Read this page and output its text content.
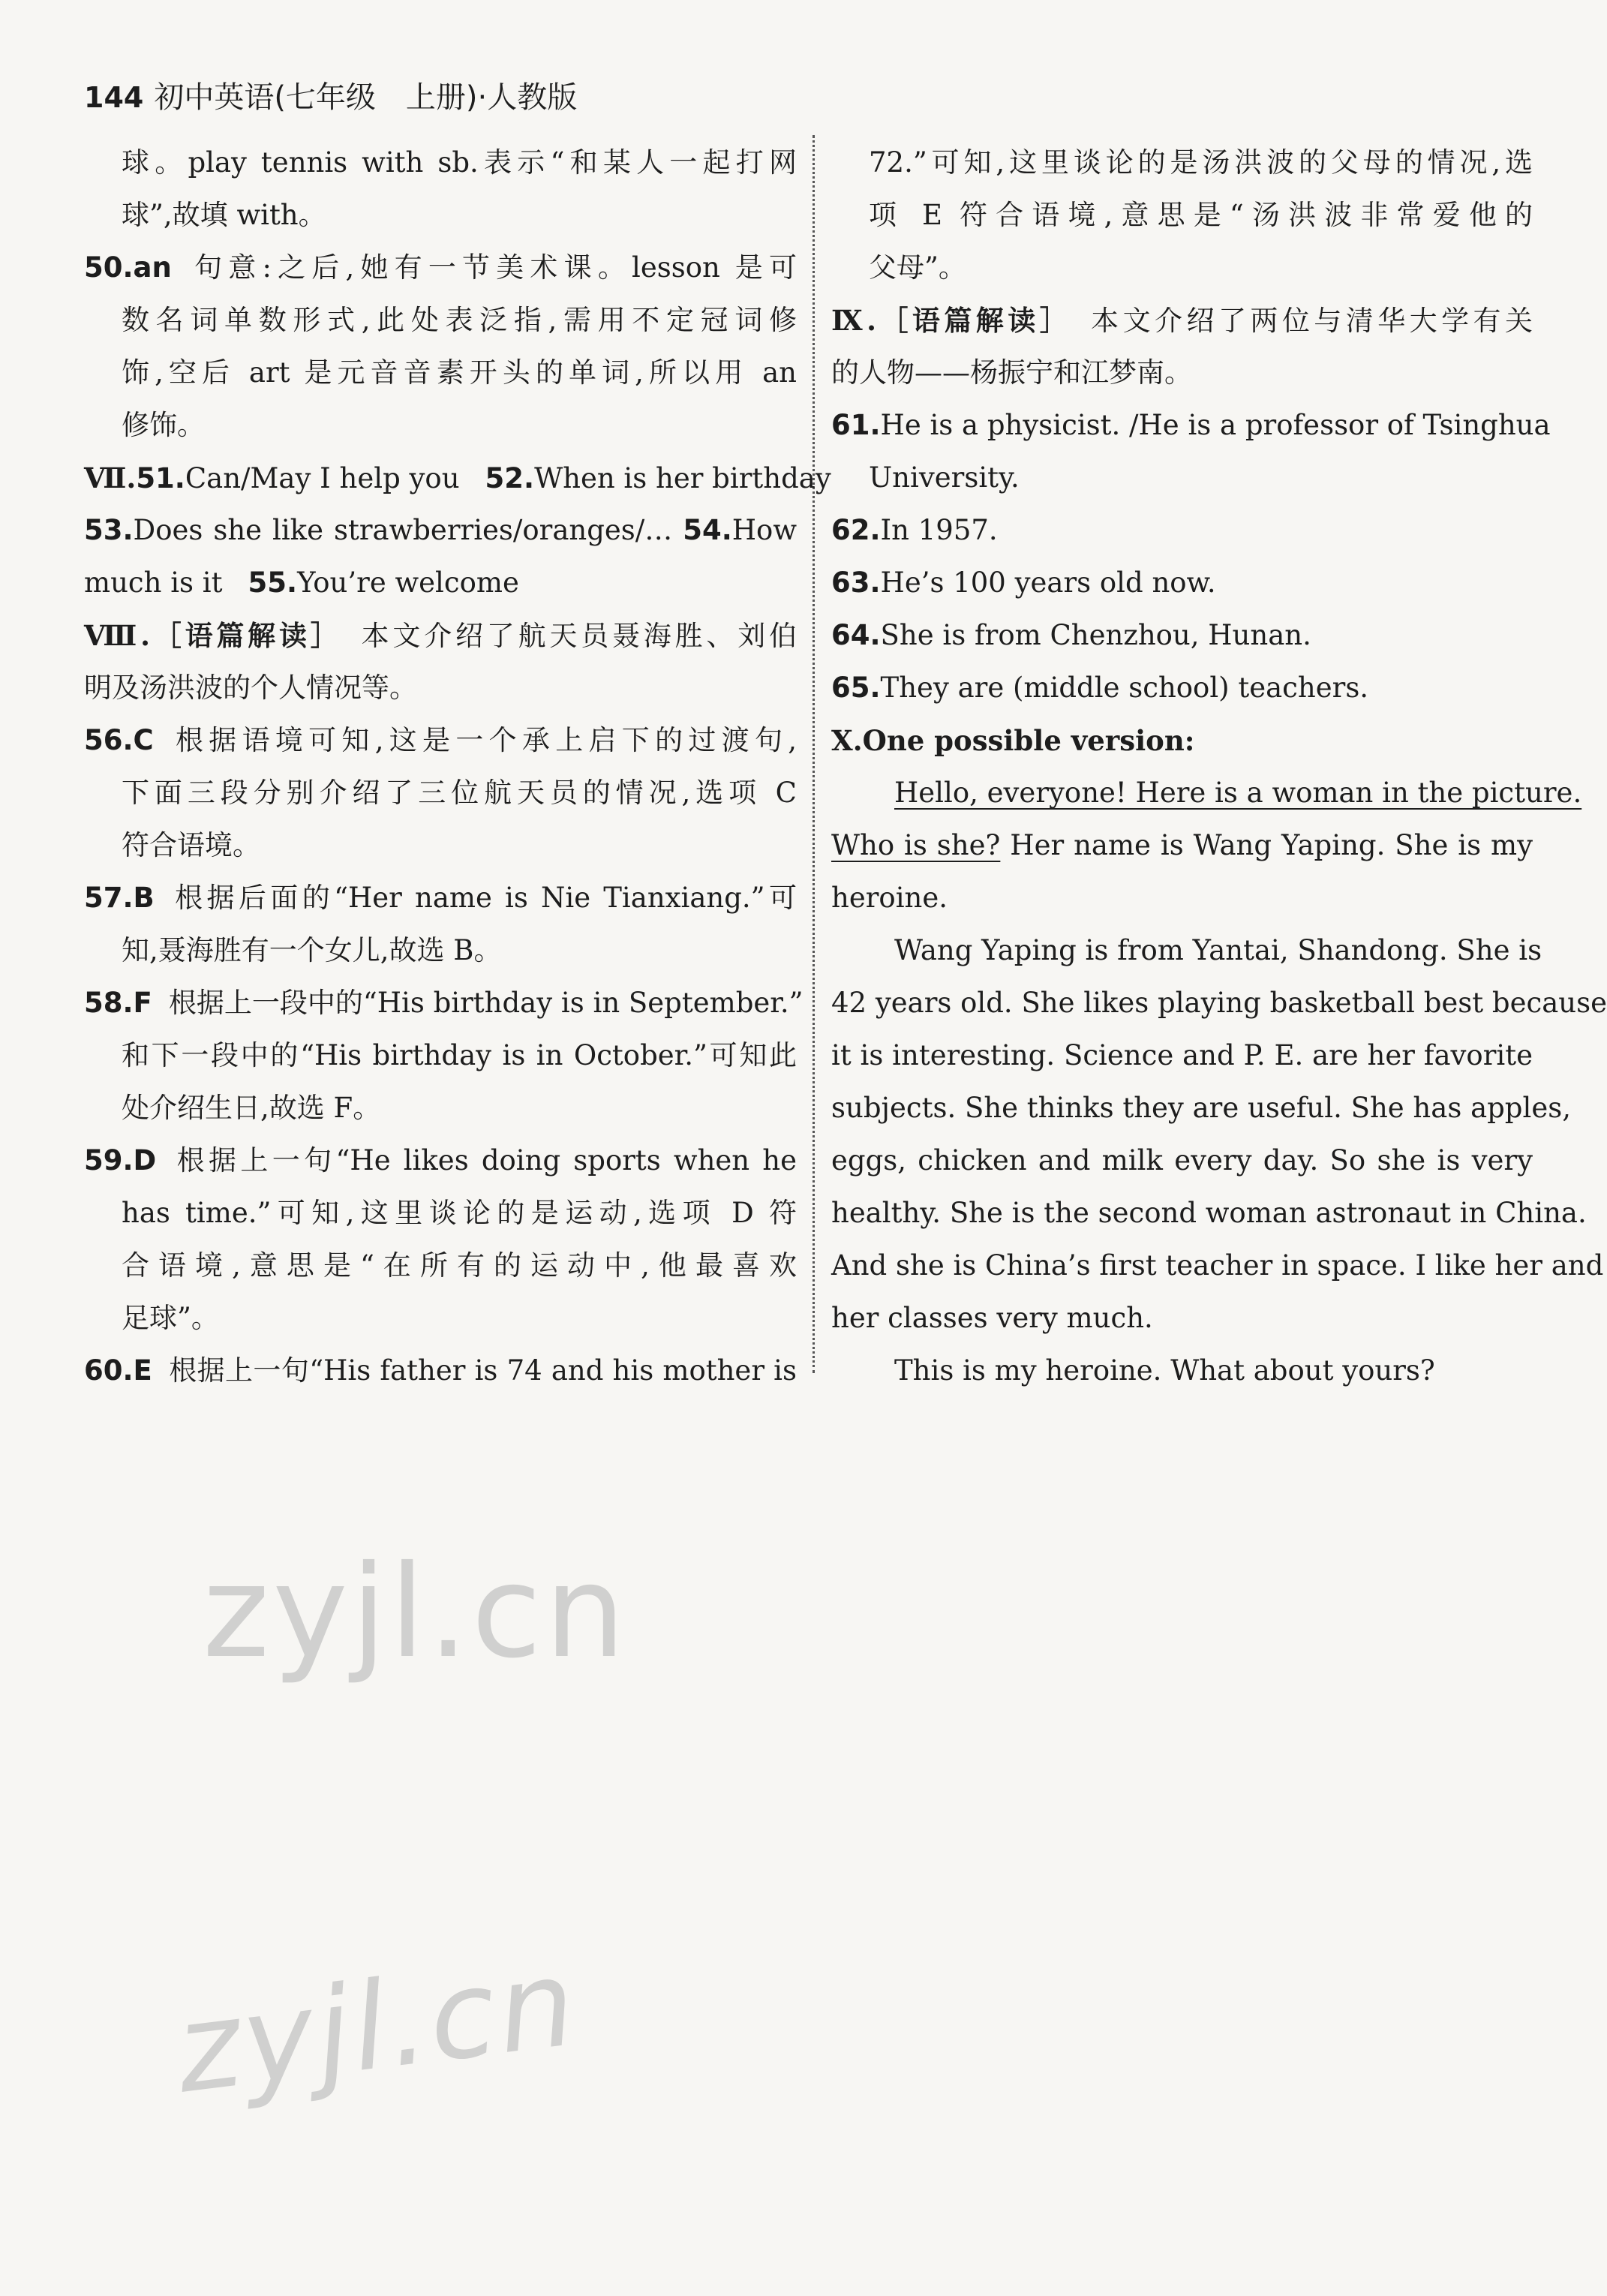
144 初中英语(七年级　上册)·人教版
球。play tennis with sb.表示“和某人一起打网
球”,故填 with。
50.an 句意:之后,她有一节美术课。lesson 是可
数名词单数形式,此处表泛指,需用不定冠词修
饰,空后 art 是元音音素开头的单词,所以用 an
修饰。
Ⅶ.51.Can/May I help you 52.When is her birthday
53.Does she like strawberries/oranges/… 54.How
much is it 55.You’re welcome
Ⅷ.［语篇解读］ 本文介绍了航天员聂海胜、刘伯
明及汤洪波的个人情况等。
56.C 根据语境可知,这是一个承上启下的过渡句,
下面三段分别介绍了三位航天员的情况,选项 C
符合语境。
57.B 根据后面的“Her name is Nie Tianxiang.”可
知,聂海胜有一个女儿,故选 B。
58.F 根据上一段中的“His birthday is in September.”
和下一段中的“His birthday is in October.”可知此
处介绍生日,故选 F。
59.D 根据上一句“He likes doing sports when he
has time.”可知,这里谈论的是运动,选项 D 符
合语境,意思是“在所有的运动中,他最喜欢
足球”。
60.E 根据上一句“His father is 74 and his mother is
72.”可知,这里谈论的是汤洪波的父母的情况,选
项 E 符合语境,意思是“汤洪波非常爱他的
父母”。
Ⅸ.［语篇解读］ 本文介绍了两位与清华大学有关
的人物——杨振宁和江梦南。
61.He is a physicist. /He is a professor of Tsinghua
University.
62.In 1957.
63.He’s 100 years old now.
64.She is from Chenzhou, Hunan.
65.They are (middle school) teachers.
Ⅹ.One possible version:
Hello, everyone! Here is a woman in the picture.
Who is she? Her name is Wang Yaping. She is my
heroine.
Wang Yaping is from Yantai, Shandong. She is
42 years old. She likes playing basketball best because
it is interesting. Science and P. E. are her favorite
subjects. She thinks they are useful. She has apples,
eggs, chicken and milk every day. So she is very
healthy. She is the second woman astronaut in China.
And she is China’s first teacher in space. I like her and
her classes very much.
This is my heroine. What about yours?
zyjl.cn
zyjl.cn
